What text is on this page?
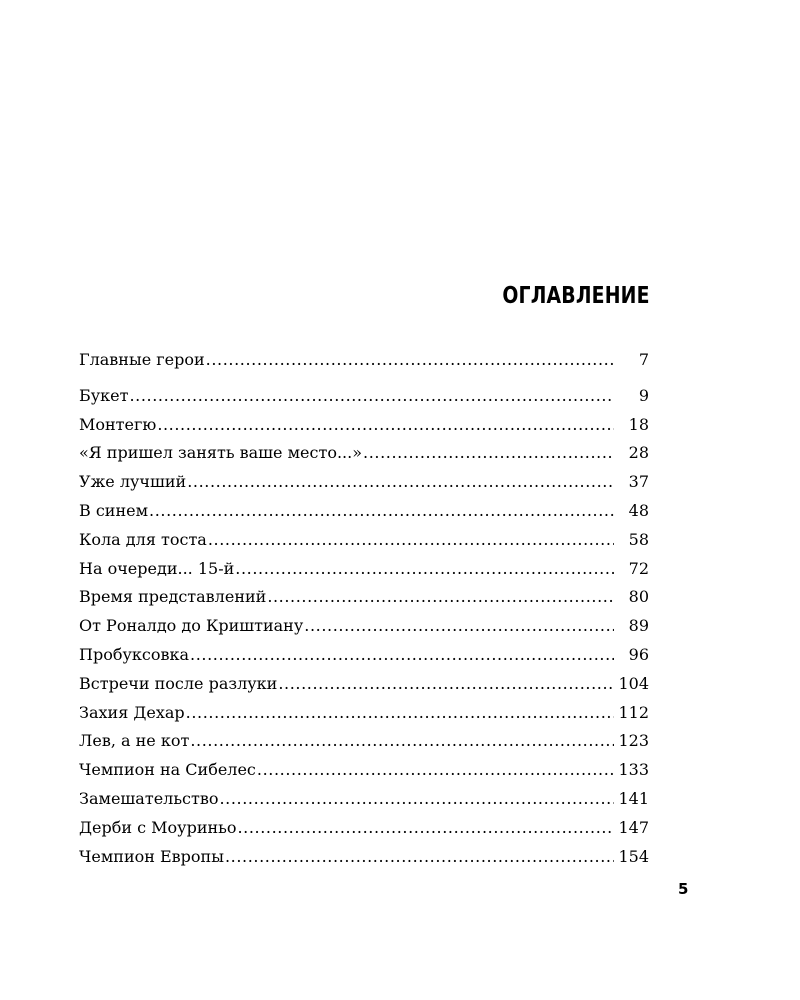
ОГЛАВЛЕНИЕ
Главные герои .....	7
Букет .....	9
Монтегю .....	18
«Я пришел занять ваше место...» .....	28
Уже лучший .....	37
В синем .....	48
Кола для тоста .....	58
На очереди... 15-й .....	72
Время представлений .....	80
От Роналдо до Криштиану .....	89
Пробуксовка .....	96
Встречи после разлуки .....	104
Захия Дехар .....	112
Лев, а не кот .....	123
Чемпион на Сибелес .....	133
Замешательство .....	141
Дерби с Моуриньо .....	147
Чемпион Европы .....	154
5
